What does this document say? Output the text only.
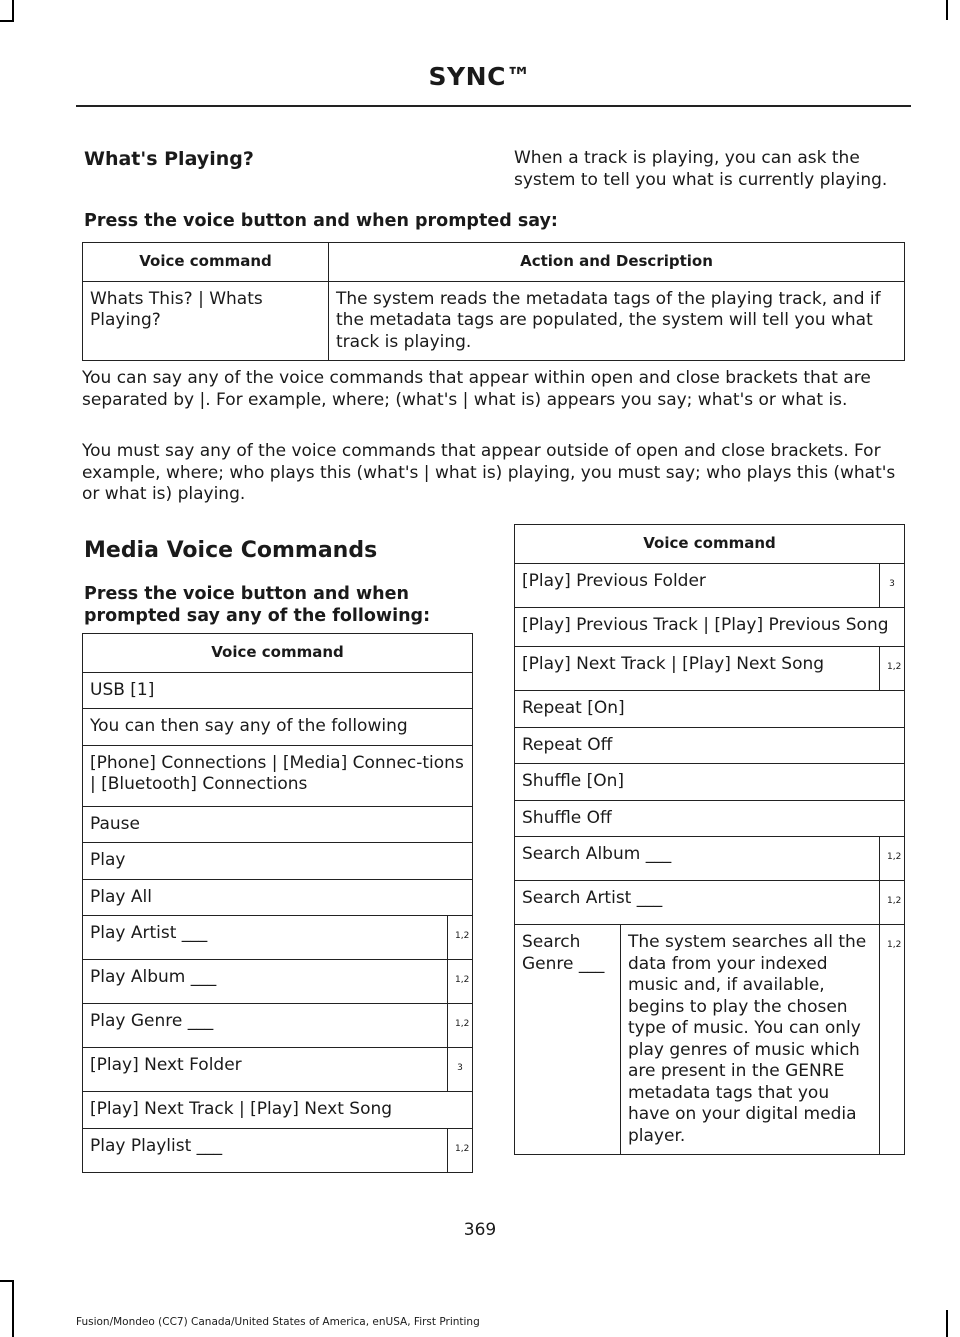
SYNC™
What's Playing?	When a track is playing, you can ask the system to tell you what is currently playing.

Press the voice button and when prompted say:
Voice command	Action and Description
Whats This? | Whats Playing?	The system reads the metadata tags of the playing track, and if the metadata tags are populated, the system will tell you what track is playing.

You can say any of the voice commands that appear within open and close brackets that are separated by |. For example, where; (what's | what is) appears you say; what's or what is.

You must say any of the voice commands that appear outside of open and close brackets. For example, where; who plays this (what's | what is) playing, you must say; who plays this (what's or what is) playing.

Media Voice Commands
Press the voice button and when prompted say any of the following:
Voice command	
USB [1]	
You can then say any of the following	
[Phone] Connections | [Media] Connec-tions | [Bluetooth] Connections	
Pause	
Play	
Play All	
Play Artist ___	1,2
Play Album ___	1,2
Play Genre ___	1,2
[Play] Next Folder	3
[Play] Next Track | [Play] Next Song	
Play Playlist ___	1,2
Voice command		
[Play] Previous Folder		3
[Play] Previous Track | [Play] Previous Song		
[Play] Next Track | [Play] Next Song		1,2
Repeat [On]		
Repeat Off		
Shuffle [On]		
Shuffle Off		
Search Album ___		1,2
Search Artist ___		1,2
Search Genre ___	The system searches all the data from your indexed music and, if available, begins to play the chosen type of music. You can only play genres of music which are present in the GENRE metadata tags that you have on your digital media player.	1,2
369
Fusion/Mondeo (CC7) Canada/United States of America, enUSA, First Printing
